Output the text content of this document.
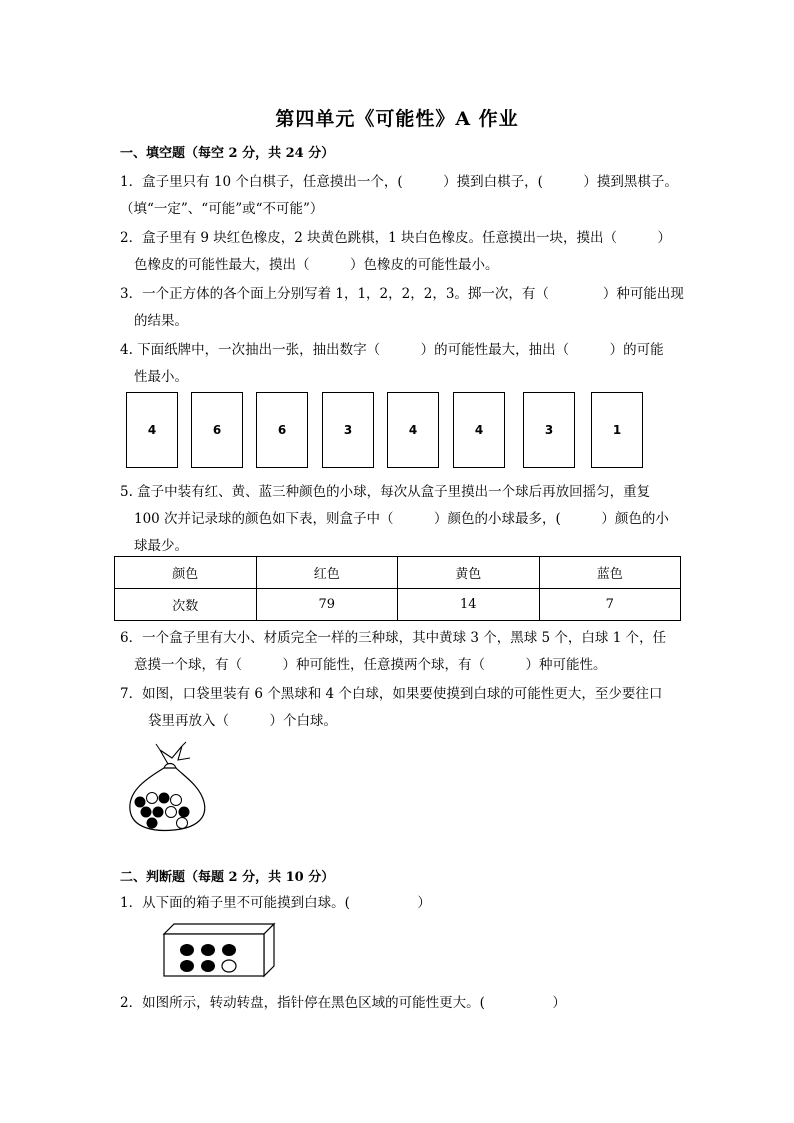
第四单元《可能性》A 作业
一、填空题（每空 2 分，共 24 分）
1．盒子里只有 10 个白棋子，任意摸出一个，(　　　）摸到白棋子，(　　　）摸到黑棋子。
（填“一定”、“可能”或“不可能”）
2．盒子里有 9 块红色橡皮，2 块黄色跳棋，1 块白色橡皮。任意摸出一块，摸出（　　　）
色橡皮的可能性最大，摸出（　　　）色橡皮的可能性最小。
3．一个正方体的各个面上分别写着 1，1，2，2，2，3。掷一次，有（　　　　）种可能出现
的结果。
4. 下面纸牌中，一次抽出一张，抽出数字（　　　）的可能性最大，抽出（　　　）的可能
性最小。
4	6	6	3	4	4	3	1
5. 盒子中装有红、黄、蓝三种颜色的小球，每次从盒子里摸出一个球后再放回摇匀，重复
100 次并记录球的颜色如下表，则盒子中（　　　）颜色的小球最多，(　　　）颜色的小
球最少。
颜色	红色	黄色	蓝色
次数	79	14	7
6．一个盒子里有大小、材质完全一样的三种球，其中黄球 3 个，黑球 5 个，白球 1 个，任
意摸一个球，有（　　　）种可能性，任意摸两个球，有（　　　）种可能性。
7．如图，口袋里装有 6 个黑球和 4 个白球，如果要使摸到白球的可能性更大，至少要往口
袋里再放入（　　　）个白球。
二、判断题（每题 2 分，共 10 分）
1．从下面的箱子里不可能摸到白球。(　　　　　）
2．如图所示，转动转盘，指针停在黑色区域的可能性更大。(　　　　　）
